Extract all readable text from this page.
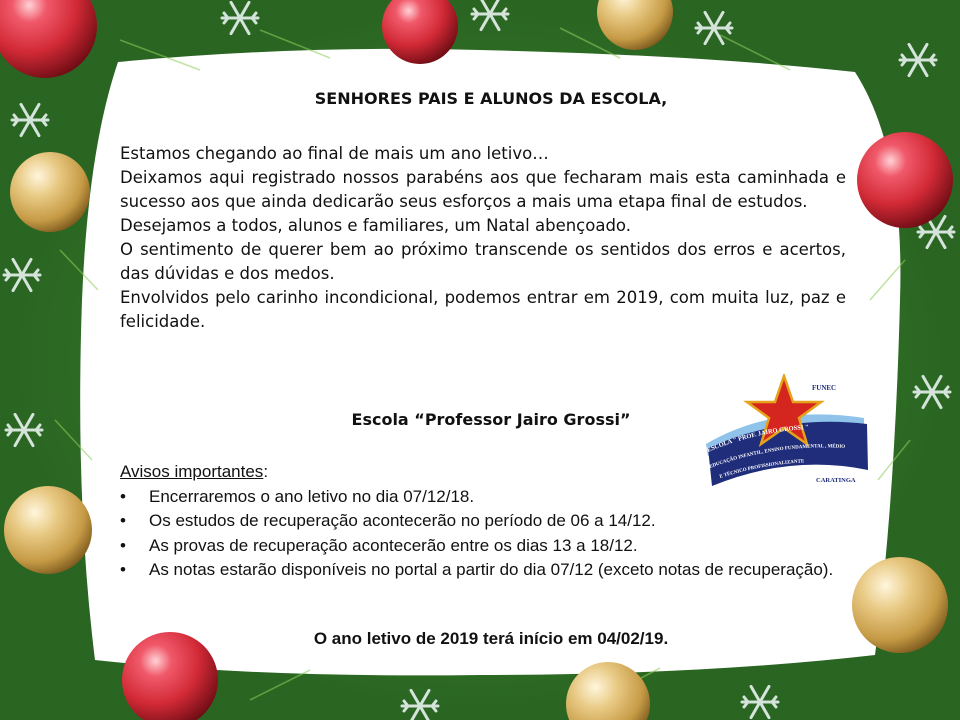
SENHORES PAIS E ALUNOS DA ESCOLA,

Estamos chegando ao final de mais um ano letivo…

Deixamos aqui registrado nossos parabéns aos que fecharam mais esta caminhada e sucesso aos que ainda dedicarão seus esforços a mais uma etapa final de estudos.

Desejamos a todos, alunos e familiares, um Natal abençoado.

O sentimento de querer bem ao próximo transcende os sentidos dos erros e acertos, das dúvidas e dos medos.

Envolvidos pelo carinho incondicional, podemos entrar em 2019, com muita luz, paz e felicidade.

Escola “Professor Jairo Grossi”

Avisos importantes:

• Encerraremos o ano letivo no dia 07/12/18.
• Os estudos de recuperação acontecerão no período de 06 a 14/12.
• As provas de recuperação acontecerão entre os dias 13 a 18/12.
• As notas estarão disponíveis no portal a partir do dia 07/12 (exceto notas de recuperação).
O ano letivo de 2019 terá início em 04/02/19.
FUNEC
ESCOLA " PROF. JAIRO GROSSI "
EDUCAÇÃO INFANTIL, ENSINO FUNDAMENTAL , MÉDIO
E TÉCNICO PROFISSIONALIZANTE
CARATINGA
